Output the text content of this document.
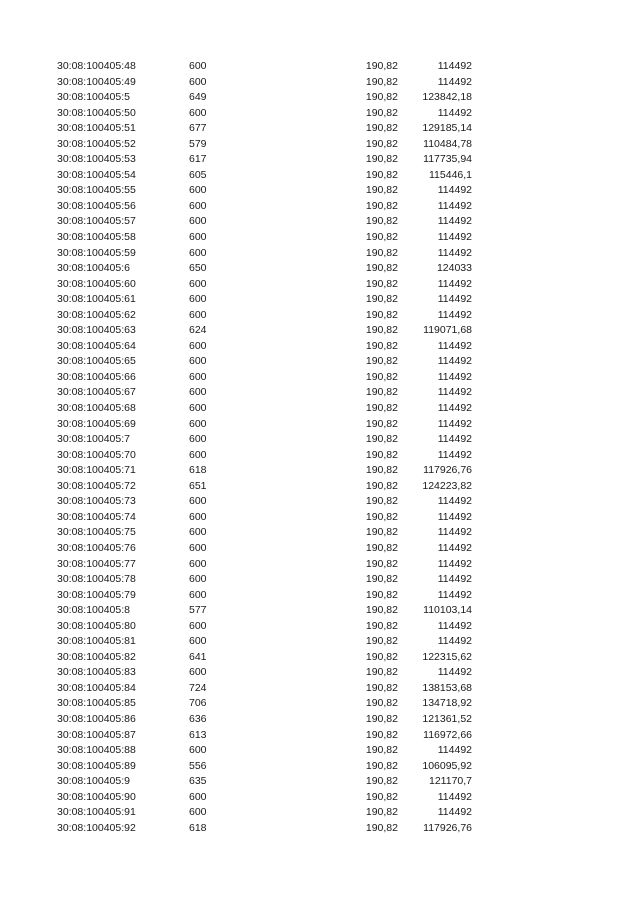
30:08:100405:48	600	190,82	114492
30:08:100405:49	600	190,82	114492
30:08:100405:5	649	190,82	123842,18
30:08:100405:50	600	190,82	114492
30:08:100405:51	677	190,82	129185,14
30:08:100405:52	579	190,82	110484,78
30:08:100405:53	617	190,82	117735,94
30:08:100405:54	605	190,82	115446,1
30:08:100405:55	600	190,82	114492
30:08:100405:56	600	190,82	114492
30:08:100405:57	600	190,82	114492
30:08:100405:58	600	190,82	114492
30:08:100405:59	600	190,82	114492
30:08:100405:6	650	190,82	124033
30:08:100405:60	600	190,82	114492
30:08:100405:61	600	190,82	114492
30:08:100405:62	600	190,82	114492
30:08:100405:63	624	190,82	119071,68
30:08:100405:64	600	190,82	114492
30:08:100405:65	600	190,82	114492
30:08:100405:66	600	190,82	114492
30:08:100405:67	600	190,82	114492
30:08:100405:68	600	190,82	114492
30:08:100405:69	600	190,82	114492
30:08:100405:7	600	190,82	114492
30:08:100405:70	600	190,82	114492
30:08:100405:71	618	190,82	117926,76
30:08:100405:72	651	190,82	124223,82
30:08:100405:73	600	190,82	114492
30:08:100405:74	600	190,82	114492
30:08:100405:75	600	190,82	114492
30:08:100405:76	600	190,82	114492
30:08:100405:77	600	190,82	114492
30:08:100405:78	600	190,82	114492
30:08:100405:79	600	190,82	114492
30:08:100405:8	577	190,82	110103,14
30:08:100405:80	600	190,82	114492
30:08:100405:81	600	190,82	114492
30:08:100405:82	641	190,82	122315,62
30:08:100405:83	600	190,82	114492
30:08:100405:84	724	190,82	138153,68
30:08:100405:85	706	190,82	134718,92
30:08:100405:86	636	190,82	121361,52
30:08:100405:87	613	190,82	116972,66
30:08:100405:88	600	190,82	114492
30:08:100405:89	556	190,82	106095,92
30:08:100405:9	635	190,82	121170,7
30:08:100405:90	600	190,82	114492
30:08:100405:91	600	190,82	114492
30:08:100405:92	618	190,82	117926,76
